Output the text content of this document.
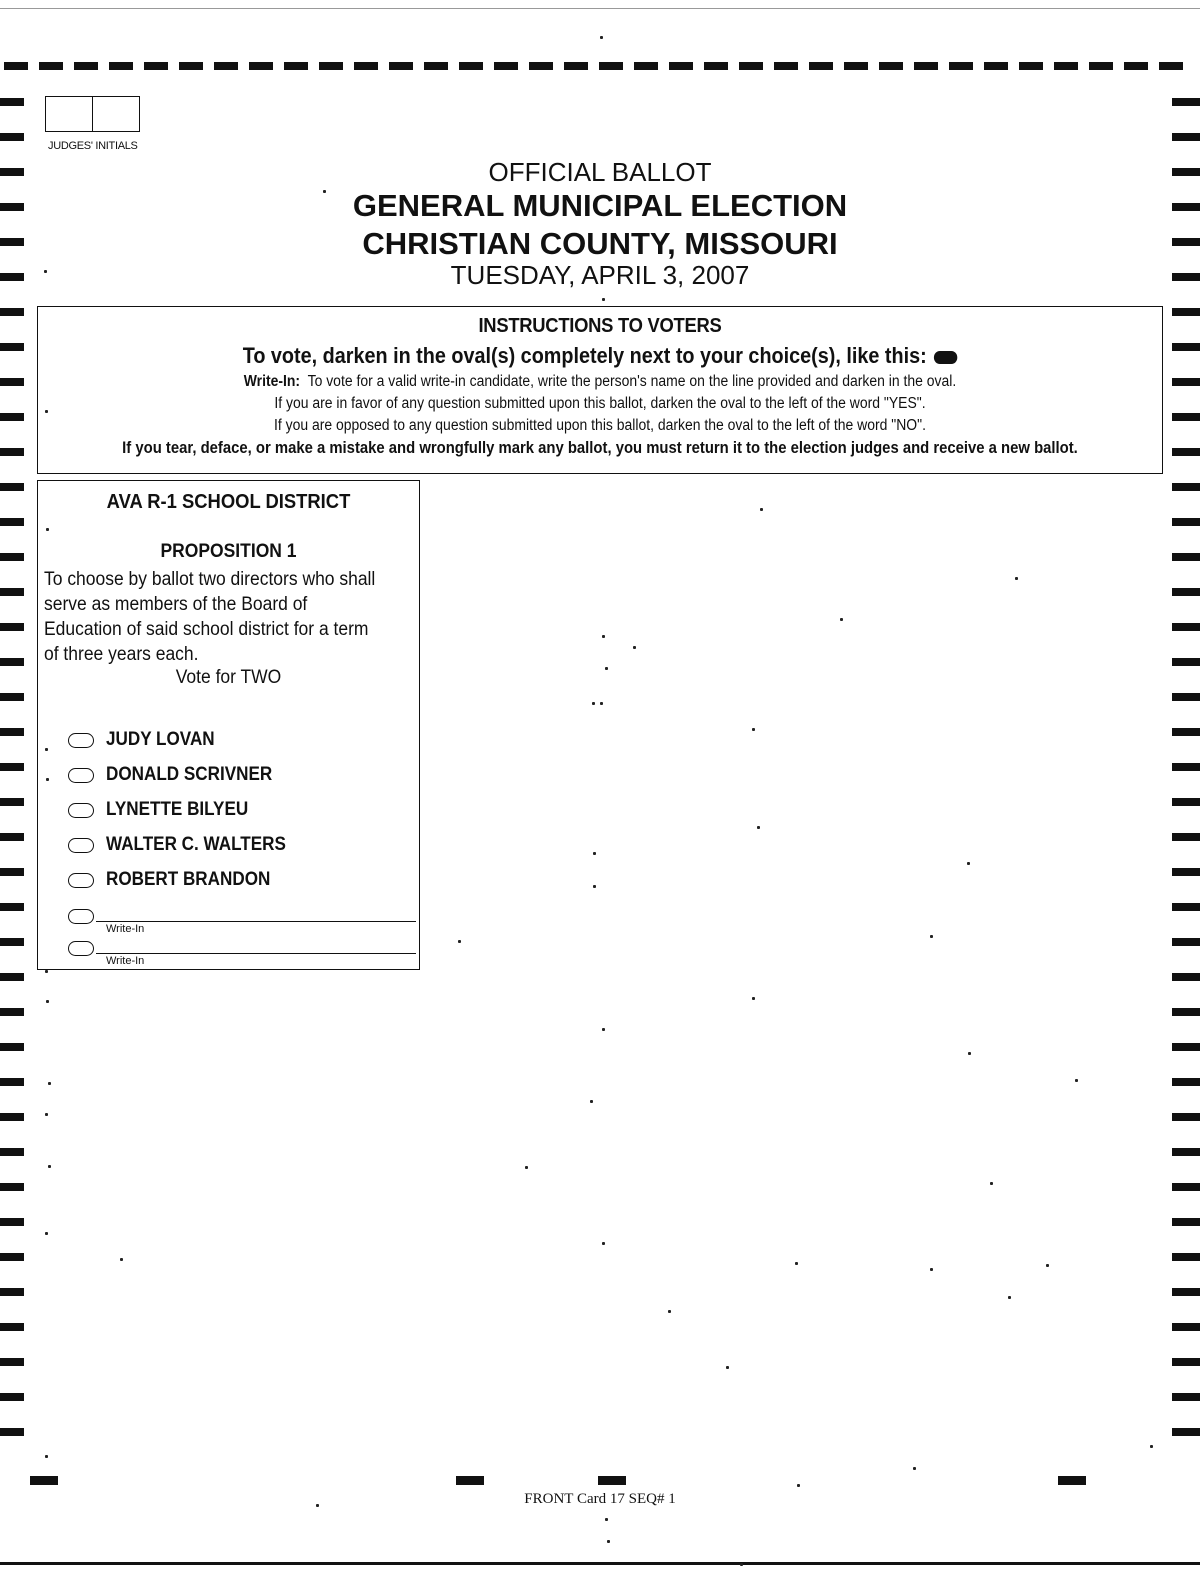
JUDGES' INITIALS
OFFICIAL BALLOT
GENERAL MUNICIPAL ELECTION
CHRISTIAN COUNTY, MISSOURI
TUESDAY, APRIL 3, 2007
INSTRUCTIONS TO VOTERS
To vote, darken in the oval(s) completely next to your choice(s), like this:
Write-In: To vote for a valid write-in candidate, write the person's name on the line provided and darken in the oval.
If you are in favor of any question submitted upon this ballot, darken the oval to the left of the word "YES".
If you are opposed to any question submitted upon this ballot, darken the oval to the left of the word "NO".
If you tear, deface, or make a mistake and wrongfully mark any ballot, you must return it to the election judges and receive a new ballot.
AVA R-1 SCHOOL DISTRICT
PROPOSITION 1
To choose by ballot two directors who shall serve as members of the Board of Education of said school district for a term of three years each.
Vote for TWO
JUDY LOVAN
DONALD SCRIVNER
LYNETTE BILYEU
WALTER C. WALTERS
ROBERT BRANDON
Write-In
Write-In
FRONT Card 17 SEQ# 1
